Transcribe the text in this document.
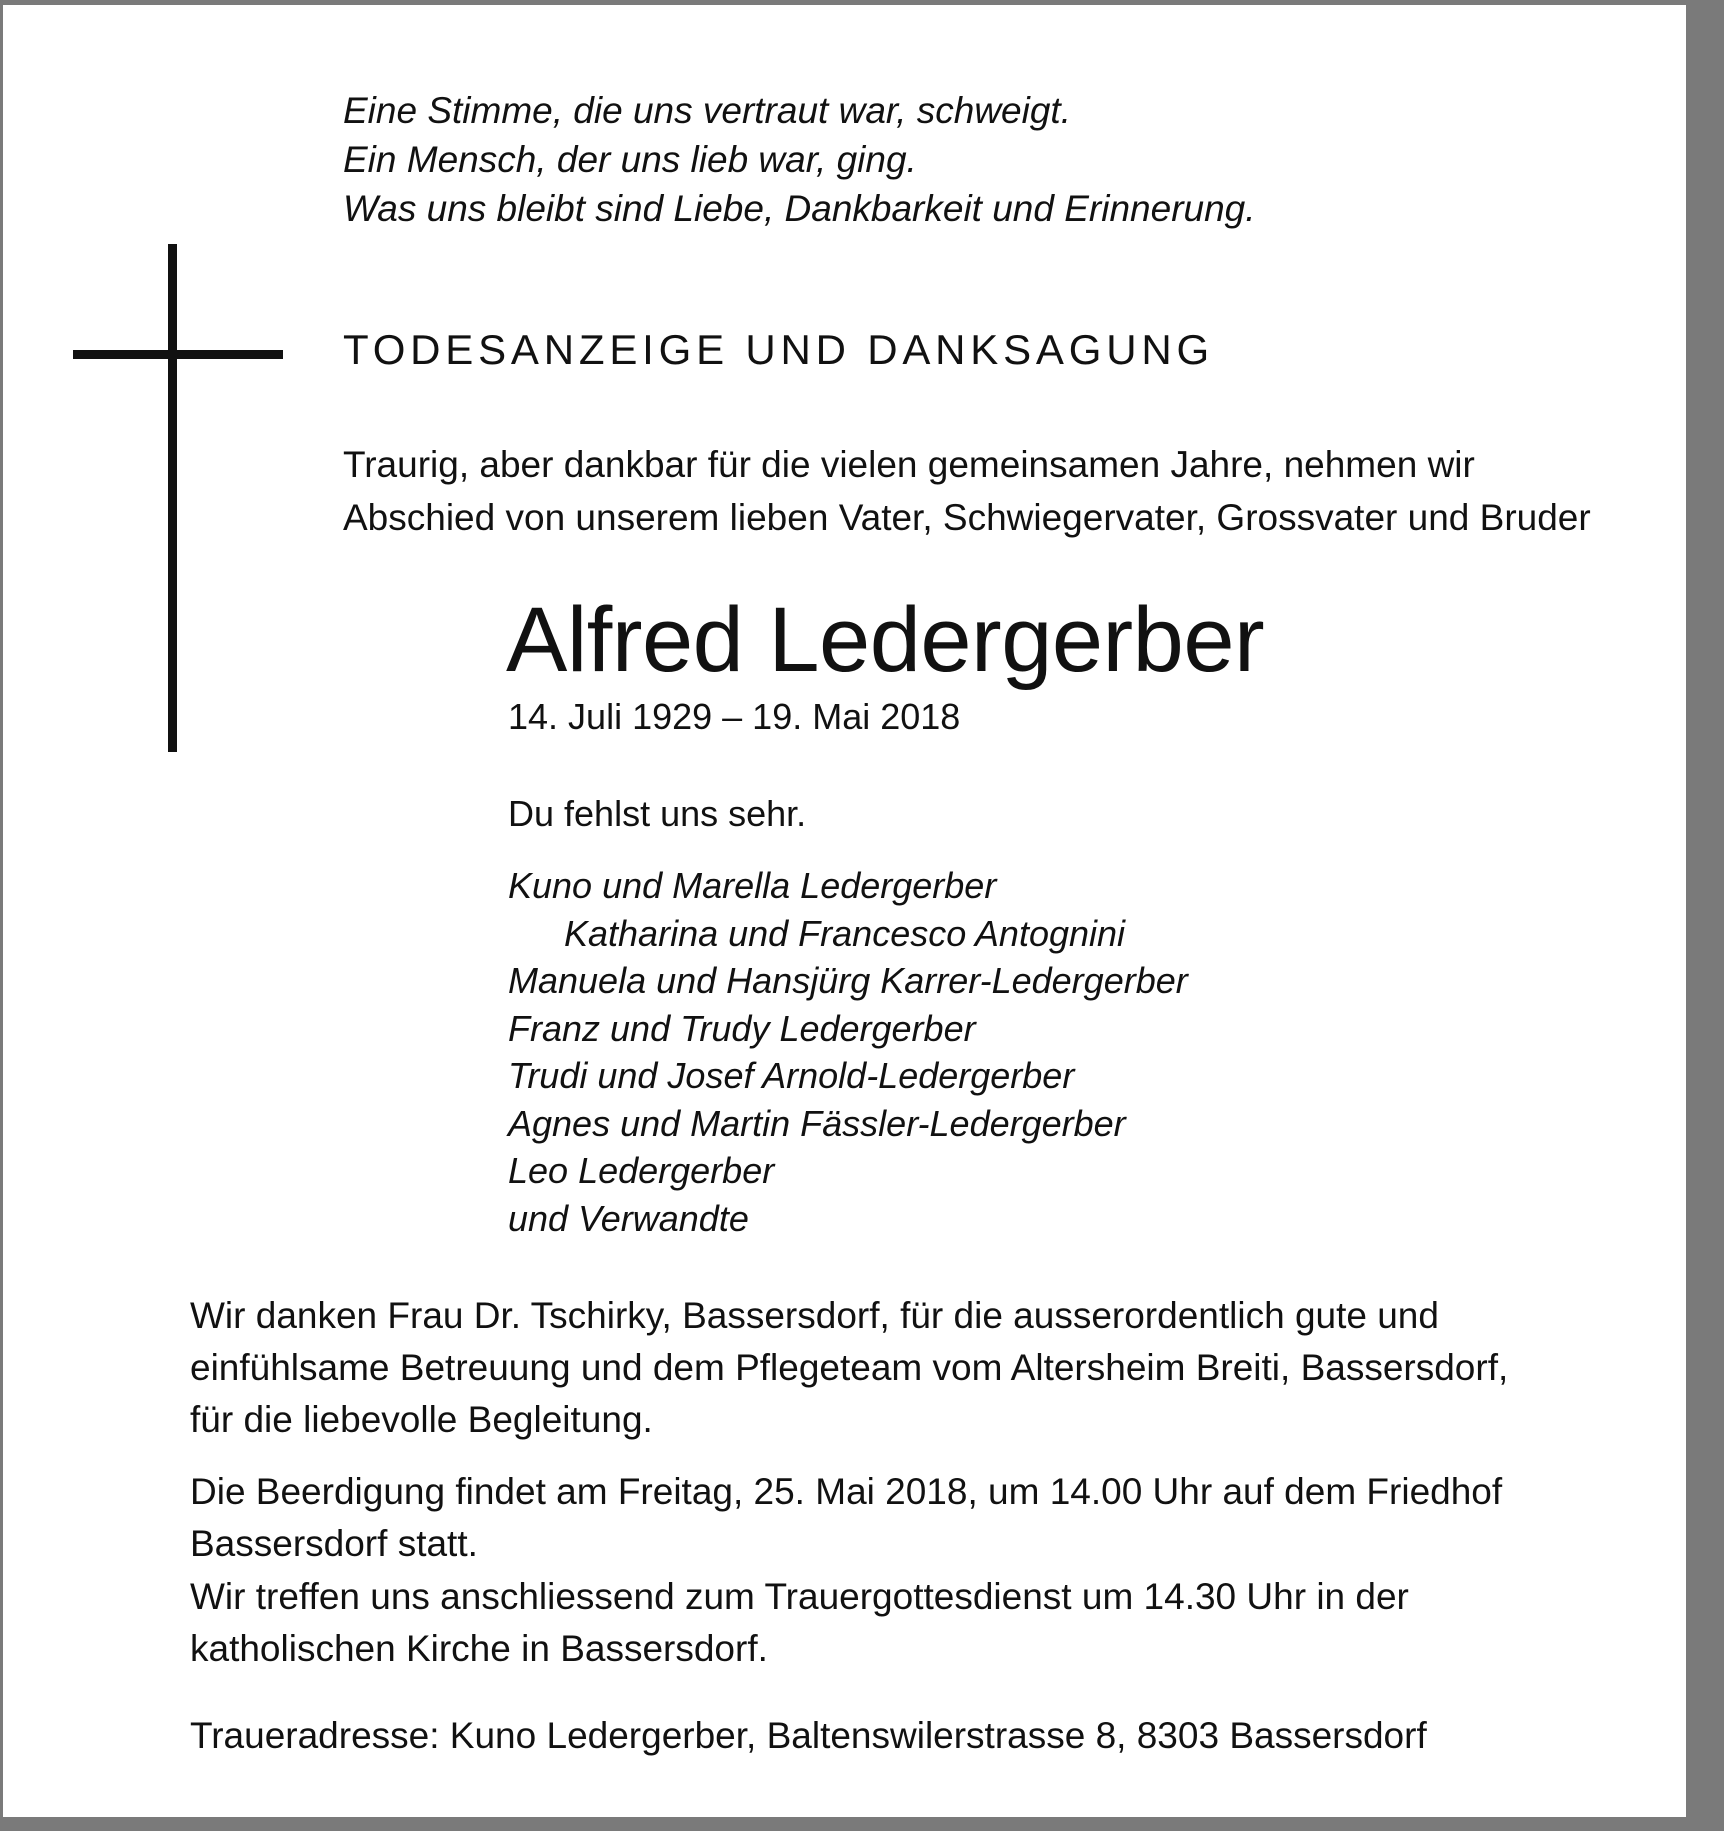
Eine Stimme, die uns vertraut war, schweigt.
Ein Mensch, der uns lieb war, ging.
Was uns bleibt sind Liebe, Dankbarkeit und Erinnerung.
TODESANZEIGE UND DANKSAGUNG
Traurig, aber dankbar für die vielen gemeinsamen Jahre, nehmen wir
Abschied von unserem lieben Vater, Schwiegervater, Grossvater und Bruder
Alfred Ledergerber
14. Juli 1929 – 19. Mai 2018
Du fehlst uns sehr.
Kuno und Marella Ledergerber
Katharina und Francesco Antognini
Manuela und Hansjürg Karrer-Ledergerber
Franz und Trudy Ledergerber
Trudi und Josef Arnold-Ledergerber
Agnes und Martin Fässler-Ledergerber
Leo Ledergerber
und Verwandte
Wir danken Frau Dr. Tschirky, Bassersdorf, für die ausserordentlich gute und
einfühlsame Betreuung und dem Pflegeteam vom Altersheim Breiti, Bassersdorf,
für die liebevolle Begleitung.
Die Beerdigung findet am Freitag, 25. Mai 2018, um 14.00 Uhr auf dem Friedhof
Bassersdorf statt.
Wir treffen uns anschliessend zum Trauergottesdienst um 14.30 Uhr in der
katholischen Kirche in Bassersdorf.
Traueradresse: Kuno Ledergerber, Baltenswilerstrasse 8, 8303 Bassersdorf
